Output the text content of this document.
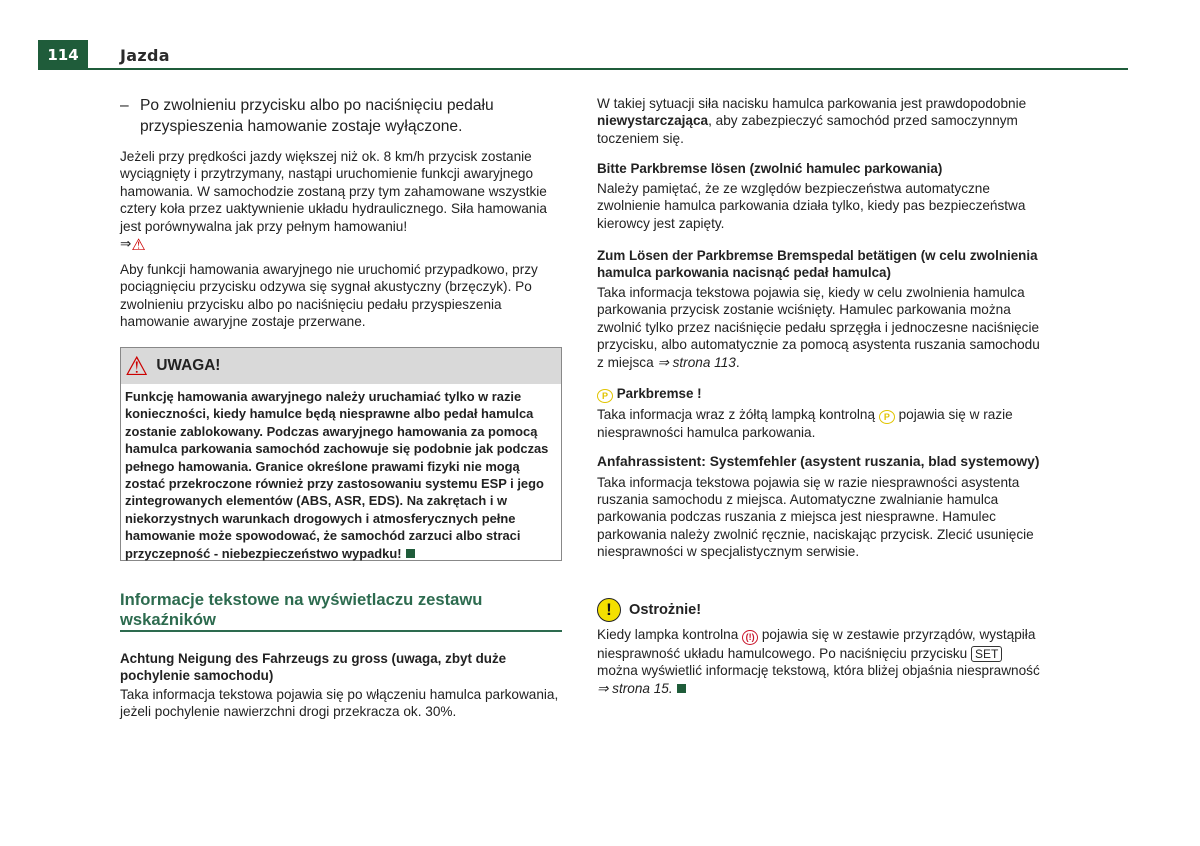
114	Jazda
– Po zwolnieniu przycisku albo po naciśnięciu pedału przyspieszenia hamowanie zostaje wyłączone.

Jeżeli przy prędkości jazdy większej niż ok. 8 km/h przycisk zostanie wyciągnięty i przytrzymany, nastąpi uruchomienie funkcji awaryjnego hamowania. W samochodzie zostaną przy tym zahamowane wszystkie cztery koła przez uaktywnienie układu hydraulicznego. Siła hamowania jest porównywalna jak przy pełnym hamowaniu!
⇒⚠

Aby funkcji hamowania awaryjnego nie uruchomić przypadkowo, przy pociągnięciu przycisku odzywa się sygnał akustyczny (brzęczyk). Po zwolnieniu przycisku albo po naciśnięciu pedału przyspieszenia hamowanie awaryjne zostaje przerwane.

⚠ UWAGA!
Funkcję hamowania awaryjnego należy uruchamiać tylko w razie konieczności, kiedy hamulce będą niesprawne albo pedał hamulca zostanie zablokowany. Podczas awaryjnego hamowania za pomocą hamulca parkowania samochód zachowuje się podobnie jak podczas pełnego hamowania. Granice określone prawami fizyki nie mogą zostać przekroczone również przy zastosowaniu systemu ESP i jego zintegrowanych elementów (ABS, ASR, EDS). Na zakrętach i w niekorzystnych warunkach drogowych i atmosferycznych pełne hamowanie może spowodować, że samochód zarzuci albo straci przyczepność - niebezpieczeństwo wypadku!
Informacje tekstowe na wyświetlaczu zestawu wskaźników

Achtung Neigung des Fahrzeugs zu gross (uwaga, zbyt duże pochylenie samochodu)

Taka informacja tekstowa pojawia się po włączeniu hamulca parkowania, jeżeli pochylenie nawierzchni drogi przekracza ok. 30%.

W takiej sytuacji siła nacisku hamulca parkowania jest prawdopodobnie niewystarczająca, aby zabezpieczyć samochód przed samoczynnym toczeniem się.

Bitte Parkbremse lösen (zwolnić hamulec parkowania)

Należy pamiętać, że ze względów bezpieczeństwa automatyczne zwolnienie hamulca parkowania działa tylko, kiedy pas bezpieczeństwa kierowcy jest zapięty.

Zum Lösen der Parkbremse Bremspedal betätigen (w celu zwolnienia hamulca parkowania nacisnąć pedał hamulca)

Taka informacja tekstowa pojawia się, kiedy w celu zwolnienia hamulca parkowania przycisk zostanie wciśnięty. Hamulec parkowania można zwolnić tylko przez naciśnięcie pedału sprzęgła i jednoczesne naciśnięcie przycisku, albo automatycznie za pomocą asystenta ruszania samochodu z miejsca ⇒ strona 113.

P Parkbremse !

Taka informacja wraz z żółtą lampką kontrolną P pojawia się w razie niesprawności hamulca parkowania.

Anfahrassistent: Systemfehler (asystent ruszania, blad systemowy)

Taka informacja tekstowa pojawia się w razie niesprawności asystenta ruszania samochodu z miejsca. Automatyczne zwalnianie hamulca parkowania podczas ruszania z miejsca jest niesprawne. Hamulec parkowania należy zwolnić ręcznie, naciskając przycisk. Zlecić usunięcie niesprawności w specjalistycznym serwisie.

!	Ostrożnie!

Kiedy lampka kontrolna (!) pojawia się w zestawie przyrządów, wystąpiła niesprawność układu hamulcowego. Po naciśnięciu przycisku SET można wyświetlić informację tekstową, która bliżej objaśnia niesprawność ⇒ strona 15.
